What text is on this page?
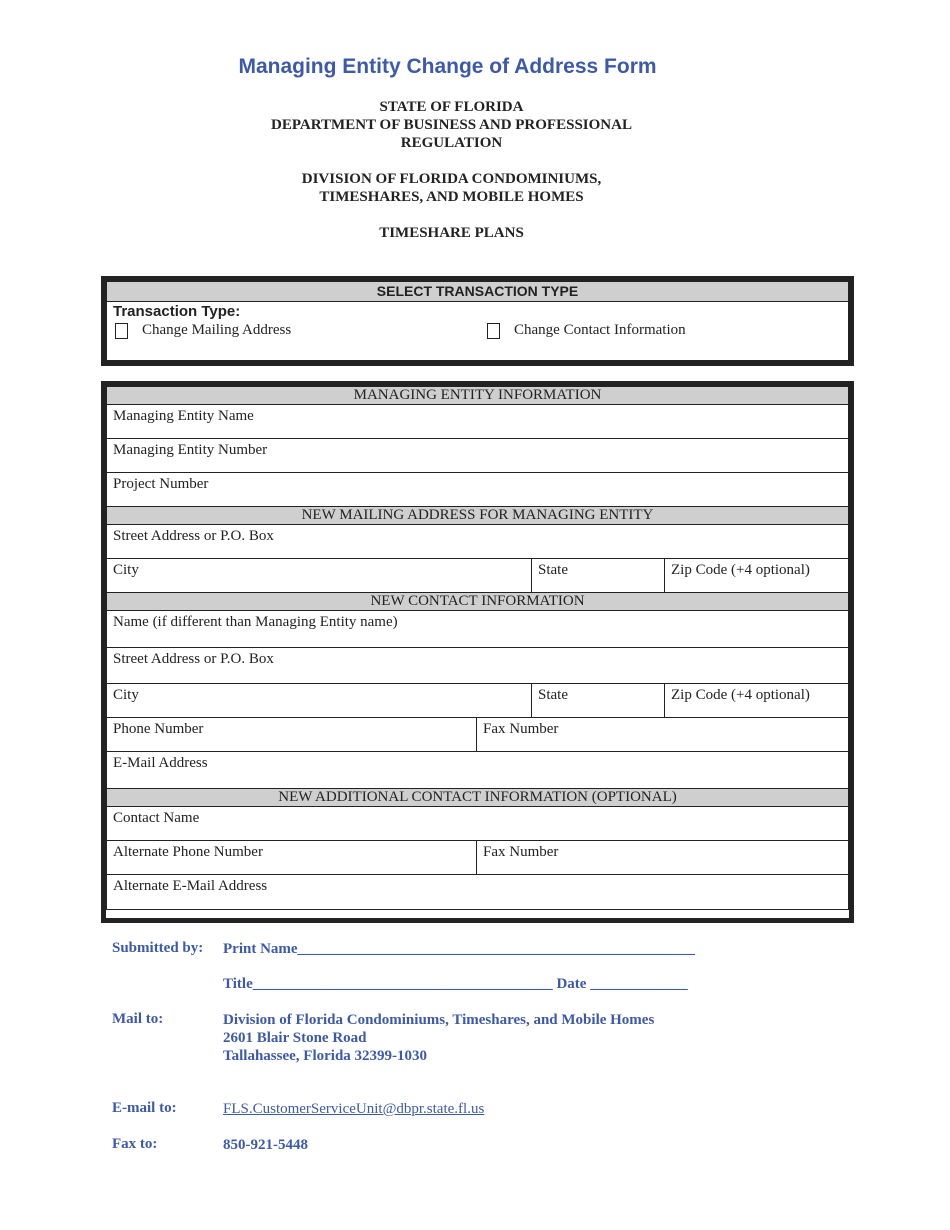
Managing Entity Change of Address Form
STATE OF FLORIDA
DEPARTMENT OF BUSINESS AND PROFESSIONAL
REGULATION
DIVISION OF FLORIDA CONDOMINIUMS,
TIMESHARES, AND MOBILE HOMES
TIMESHARE PLANS
SELECT TRANSACTION TYPE
Transaction Type:
Change Mailing Address	Change Contact Information
MANAGING ENTITY INFORMATION
Managing Entity Name
Managing Entity Number
Project Number
NEW MAILING ADDRESS FOR MANAGING ENTITY
Street Address or P.O. Box
City	State	Zip Code (+4 optional)
NEW CONTACT INFORMATION
Name (if different than Managing Entity name)
Street Address or P.O. Box
City	State	Zip Code (+4 optional)
Phone Number	Fax Number
E-Mail Address
NEW ADDITIONAL CONTACT INFORMATION (OPTIONAL)
Contact Name
Alternate Phone Number	Fax Number
Alternate E-Mail Address
Submitted by: Print Name_____________________________________________________
Title________________________________________ Date _____________
Mail to:	Division of Florida Condominiums, Timeshares, and Mobile Homes
2601 Blair Stone Road
Tallahassee, Florida 32399-1030
E-mail to:	FLS.CustomerServiceUnit@dbpr.state.fl.us
Fax to:	850-921-5448
